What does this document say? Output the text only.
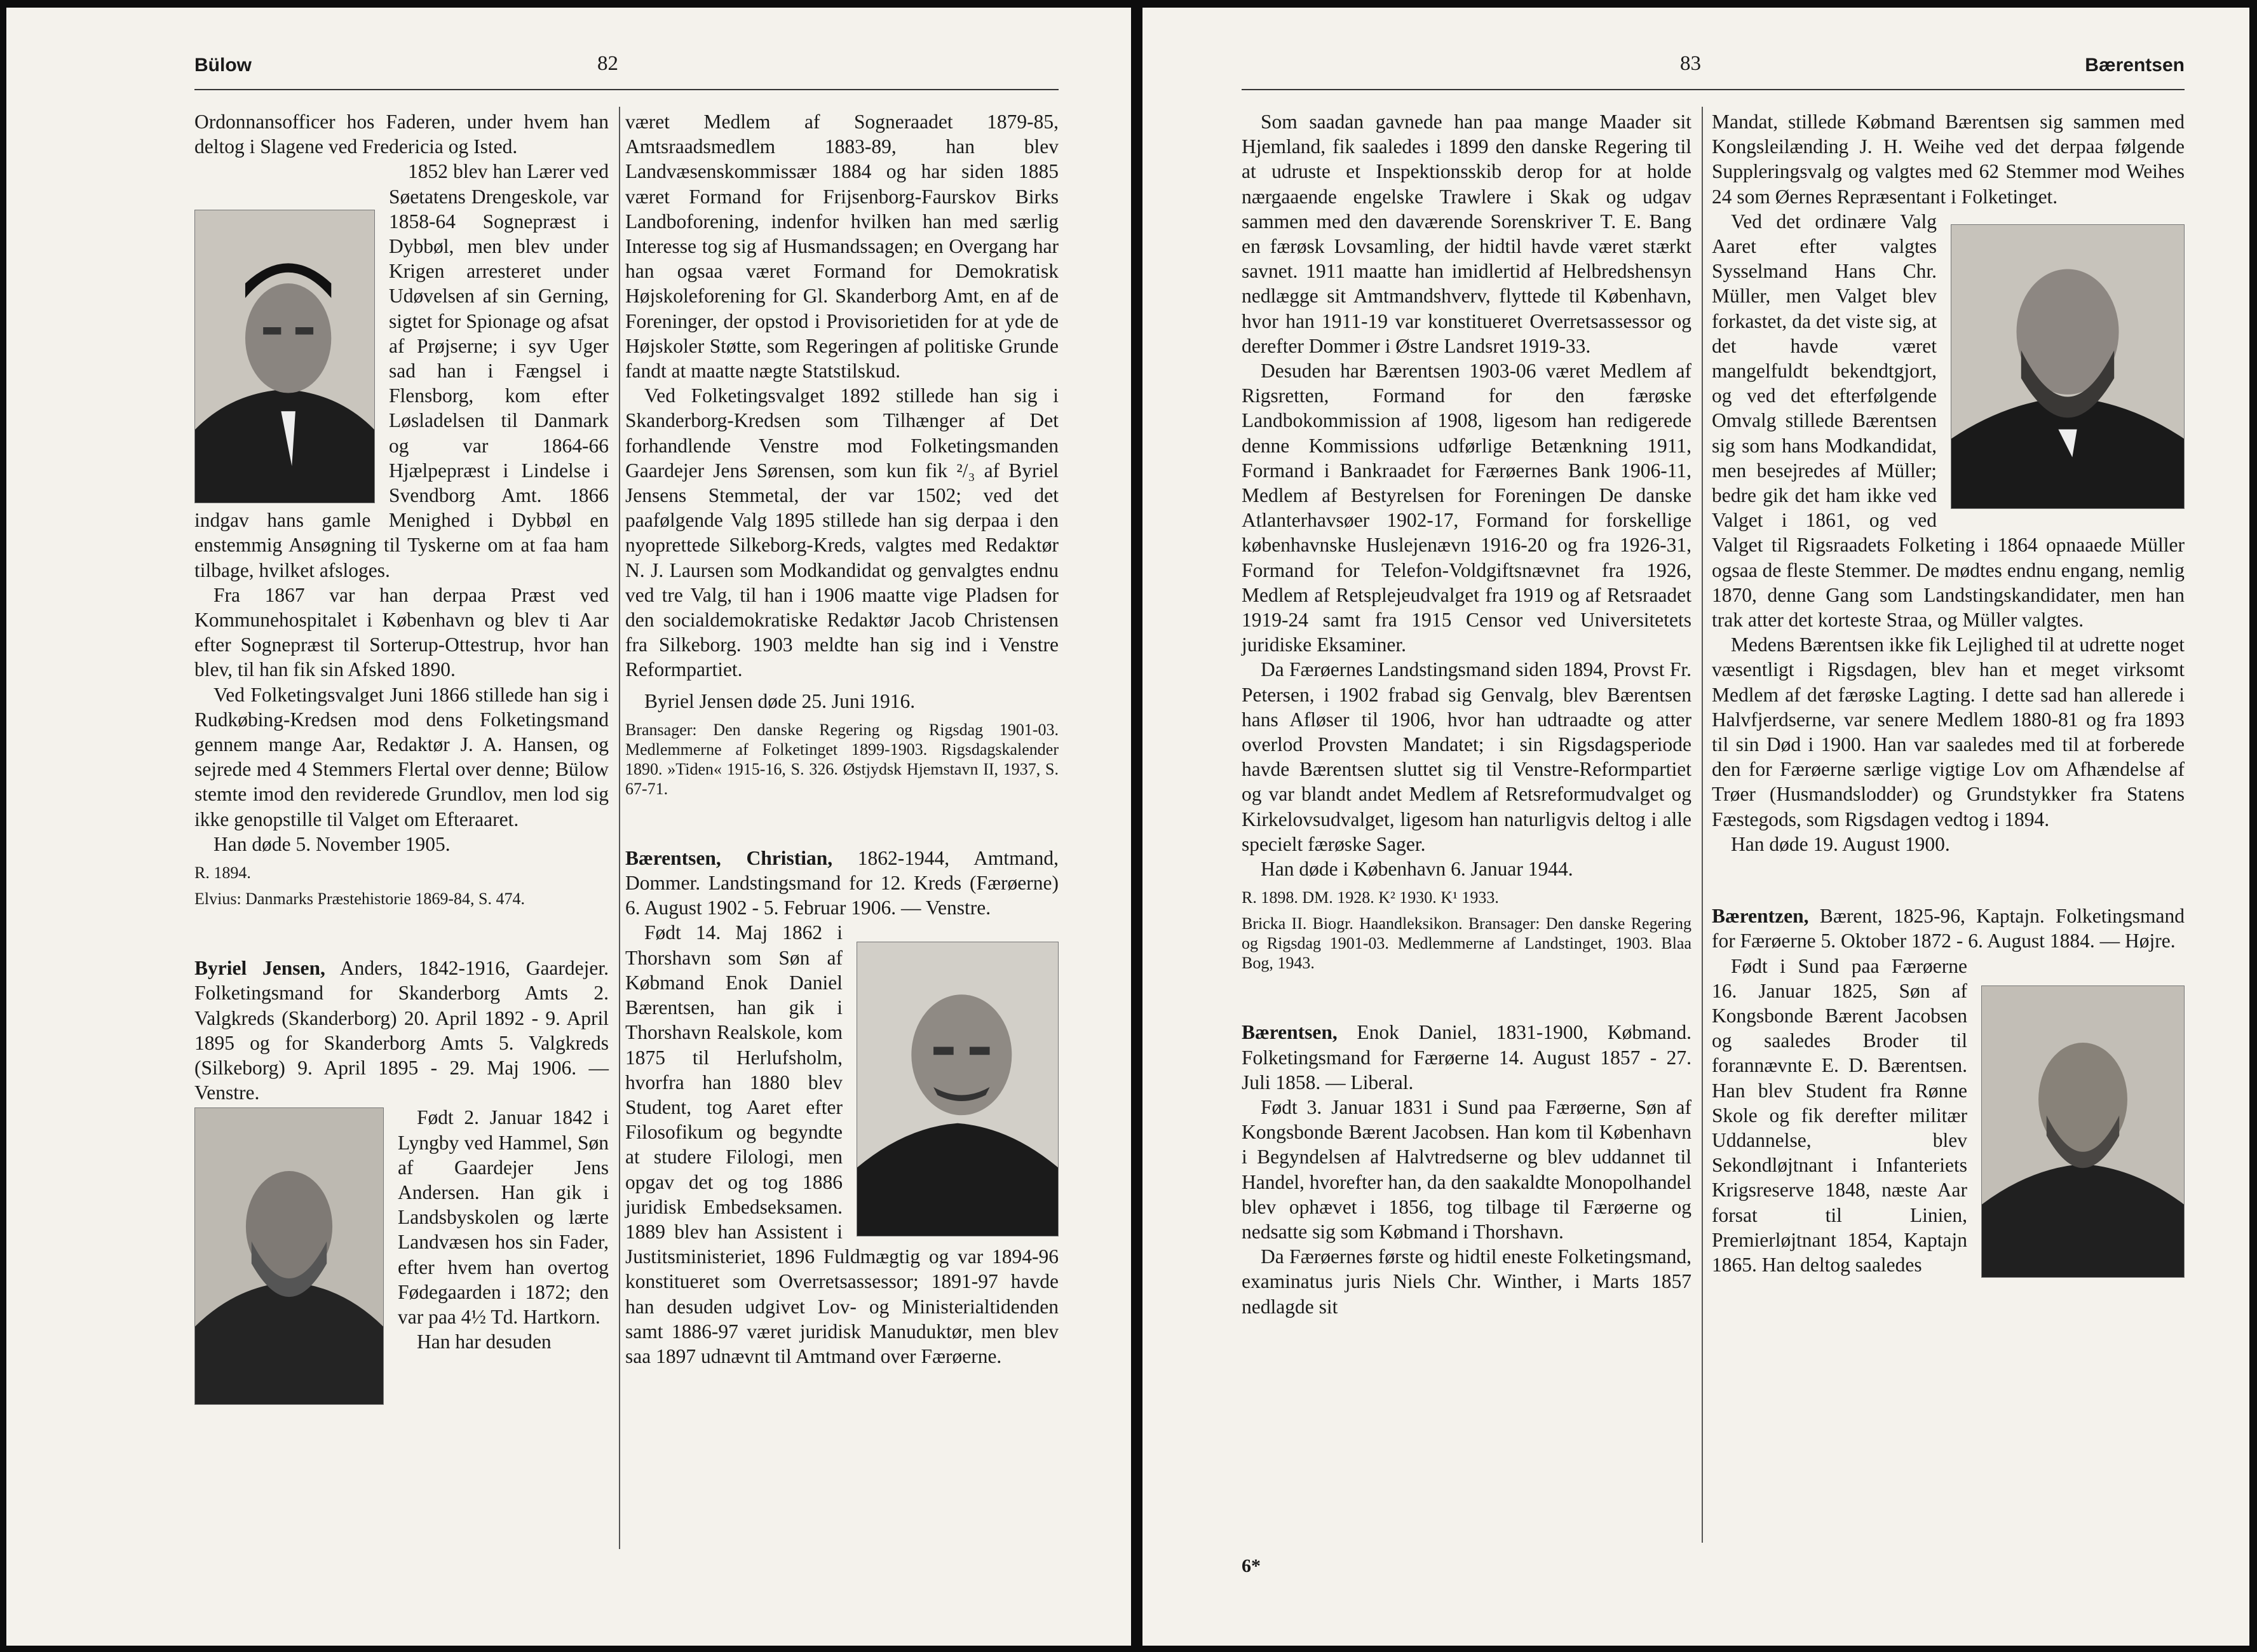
Bülow	82

Ordonnansofficer hos Faderen, under hvem han deltog i Slagene ved Fredericia og Isted.

1852 blev han Lærer ved Søetatens Drengeskole, var 1858-64 Sognepræst i Dybbøl, men blev under Krigen arresteret under Udøvelsen af sin Gerning, sigtet for Spionage og afsat af Prøjserne; i syv Uger sad han i Fængsel i Flensborg, kom efter Løsladelsen til Danmark og var 1864-66 Hjælpepræst i Lindelse i Svendborg Amt. 1866 indgav hans gamle Menighed i Dybbøl en enstemmig Ansøgning til Tyskerne om at faa ham tilbage, hvilket afsloges.

Fra 1867 var han derpaa Præst ved Kommunehospitalet i København og blev ti Aar efter Sognepræst til Sorterup-Ottestrup, hvor han blev, til han fik sin Afsked 1890.

Ved Folketingsvalget Juni 1866 stillede han sig i Rudkøbing-Kredsen mod dens Folketingsmand gennem mange Aar, Redaktør J. A. Hansen, og sejrede med 4 Stemmers Flertal over denne; Bülow stemte imod den reviderede Grundlov, men lod sig ikke genopstille til Valget om Efteraaret.

Han døde 5. November 1905.

R. 1894.

Elvius: Danmarks Præstehistorie 1869-84, S. 474.

Byriel Jensen, Anders, 1842-1916, Gaardejer. Folketingsmand for Skanderborg Amts 2. Valgkreds (Skanderborg) 20. April 1892 - 9. April 1895 og for Skanderborg Amts 5. Valgkreds (Silkeborg) 9. April 1895 - 29. Maj 1906. — Venstre.

Født 2. Januar 1842 i Lyngby ved Hammel, Søn af Gaardejer Jens Andersen. Han gik i Landsbyskolen og lærte Landvæsen hos sin Fader, efter hvem han overtog Fødegaarden i 1872; den var paa 4½ Td. Hartkorn.

Han har desuden

været Medlem af Sogneraadet 1879-85, Amtsraadsmedlem 1883-89, han blev Landvæsenskommissær 1884 og har siden 1885 været Formand for Frijsenborg-Faurskov Birks Landboforening, indenfor hvilken han med særlig Interesse tog sig af Husmandssagen; en Overgang har han ogsaa været Formand for Demokratisk Højskoleforening for Gl. Skanderborg Amt, en af de Foreninger, der opstod i Provisorietiden for at yde de Højskoler Støtte, som Regeringen af politiske Grunde fandt at maatte nægte Statstilskud.

Ved Folketingsvalget 1892 stillede han sig i Skanderborg-Kredsen som Tilhænger af Det forhandlende Venstre mod Folketingsmanden Gaardejer Jens Sørensen, som kun fik ²/₃ af Byriel Jensens Stemmetal, der var 1502; ved det paafølgende Valg 1895 stillede han sig derpaa i den nyoprettede Silkeborg-Kreds, valgtes med Redaktør N. J. Laursen som Modkandidat og genvalgtes endnu ved tre Valg, til han i 1906 maatte vige Pladsen for den socialdemokratiske Redaktør Jacob Christensen fra Silkeborg. 1903 meldte han sig ind i Venstre Reformpartiet.

Byriel Jensen døde 25. Juni 1916.

Bransager: Den danske Regering og Rigsdag 1901-03. Medlemmerne af Folketinget 1899-1903. Rigsdagskalender 1890. »Tiden« 1915-16, S. 326. Østjydsk Hjemstavn II, 1937, S. 67-71.

Bærentsen, Christian, 1862-1944, Amtmand, Dommer. Landstingsmand for 12. Kreds (Færøerne) 6. August 1902 - 5. Februar 1906. — Venstre.

Født 14. Maj 1862 i Thorshavn som Søn af Købmand Enok Daniel Bærentsen, han gik i Thorshavn Realskole, kom 1875 til Herlufsholm, hvorfra han 1880 blev Student, tog Aaret efter Filosofikum og begyndte at studere Filologi, men opgav det og tog 1886 juridisk Embedseksamen. 1889 blev han Assistent i Justitsministeriet, 1896 Fuldmægtig og var 1894-96 konstitueret som Overretsassessor; 1891-97 havde han desuden udgivet Lov- og Ministerialtidenden samt 1886-97 været juridisk Manuduktør, men blev saa 1897 udnævnt til Amtmand over Færøerne.

83	Bærentsen

Som saadan gavnede han paa mange Maader sit Hjemland, fik saaledes i 1899 den danske Regering til at udruste et Inspektionsskib derop for at holde nærgaaende engelske Trawlere i Skak og udgav sammen med den daværende Sorenskriver T. E. Bang en færøsk Lovsamling, der hidtil havde været stærkt savnet. 1911 maatte han imidlertid af Helbredshensyn nedlægge sit Amtmandshverv, flyttede til København, hvor han 1911-19 var konstitueret Overretsassessor og derefter Dommer i Østre Landsret 1919-33.

Desuden har Bærentsen 1903-06 været Medlem af Rigsretten, Formand for den færøske Landbokommission af 1908, ligesom han redigerede denne Kommissions udførlige Betænkning 1911, Formand i Bankraadet for Færøernes Bank 1906-11, Medlem af Bestyrelsen for Foreningen De danske Atlanterhavsøer 1902-17, Formand for forskellige københavnske Huslejenævn 1916-20 og fra 1926-31, Formand for Telefon-Voldgiftsnævnet fra 1926, Medlem af Retsplejeudvalget fra 1919 og af Retsraadet 1919-24 samt fra 1915 Censor ved Universitetets juridiske Eksaminer.

Da Færøernes Landstingsmand siden 1894, Provst Fr. Petersen, i 1902 frabad sig Genvalg, blev Bærentsen hans Afløser til 1906, hvor han udtraadte og atter overlod Provsten Mandatet; i sin Rigsdagsperiode havde Bærentsen sluttet sig til Venstre-Reformpartiet og var blandt andet Medlem af Retsreformudvalget og Kirkelovsudvalget, ligesom han naturligvis deltog i alle specielt færøske Sager.

Han døde i København 6. Januar 1944.

R. 1898. DM. 1928. K² 1930. K¹ 1933.

Bricka II. Biogr. Haandleksikon. Bransager: Den danske Regering og Rigsdag 1901-03. Medlemmerne af Landstinget, 1903. Blaa Bog, 1943.

Bærentsen, Enok Daniel, 1831-1900, Købmand. Folketingsmand for Færøerne 14. August 1857 - 27. Juli 1858. — Liberal.

Født 3. Januar 1831 i Sund paa Færøerne, Søn af Kongsbonde Bærent Jacobsen. Han kom til København i Begyndelsen af Halvtredserne og blev uddannet til Handel, hvorefter han, da den saakaldte Monopolhandel blev ophævet i 1856, tog tilbage til Færøerne og nedsatte sig som Købmand i Thorshavn.

Da Færøernes første og hidtil eneste Folketingsmand, examinatus juris Niels Chr. Winther, i Marts 1857 nedlagde sit

6*

Mandat, stillede Købmand Bærentsen sig sammen med Kongsleilænding J. H. Weihe ved det derpaa følgende Suppleringsvalg og valgtes med 62 Stemmer mod Weihes 24 som Øernes Repræsentant i Folketinget.

Ved det ordinære Valg Aaret efter valgtes Sysselmand Hans Chr. Müller, men Valget blev forkastet, da det viste sig, at det havde været mangelfuldt bekendtgjort, og ved det efterfølgende Omvalg stillede Bærentsen sig som hans Modkandidat, men besejredes af Müller; bedre gik det ham ikke ved Valget i 1861, og ved Valget til Rigsraadets Folketing i 1864 opnaaede Müller ogsaa de fleste Stemmer. De mødtes endnu engang, nemlig 1870, denne Gang som Landstingskandidater, men han trak atter det korteste Straa, og Müller valgtes.

Medens Bærentsen ikke fik Lejlighed til at udrette noget væsentligt i Rigsdagen, blev han et meget virksomt Medlem af det færøske Lagting. I dette sad han allerede i Halvfjerdserne, var senere Medlem 1880-81 og fra 1893 til sin Død i 1900. Han var saaledes med til at forberede den for Færøerne særlige vigtige Lov om Afhændelse af Trøer (Husmandslodder) og Grundstykker fra Statens Fæstegods, som Rigsdagen vedtog i 1894.

Han døde 19. August 1900.

Bærentzen, Bærent, 1825-96, Kaptajn. Folketingsmand for Færøerne 5. Oktober 1872 - 6. August 1884. — Højre.

Født i Sund paa Færøerne 16. Januar 1825, Søn af Kongsbonde Bærent Jacobsen og saaledes Broder til forannævnte E. D. Bærentsen. Han blev Student fra Rønne Skole og fik derefter militær Uddannelse, blev Sekondløjtnant i Infanteriets Krigsreserve 1848, næste Aar forsat til Linien, Premierløjtnant 1854, Kaptajn 1865. Han deltog saaledes
